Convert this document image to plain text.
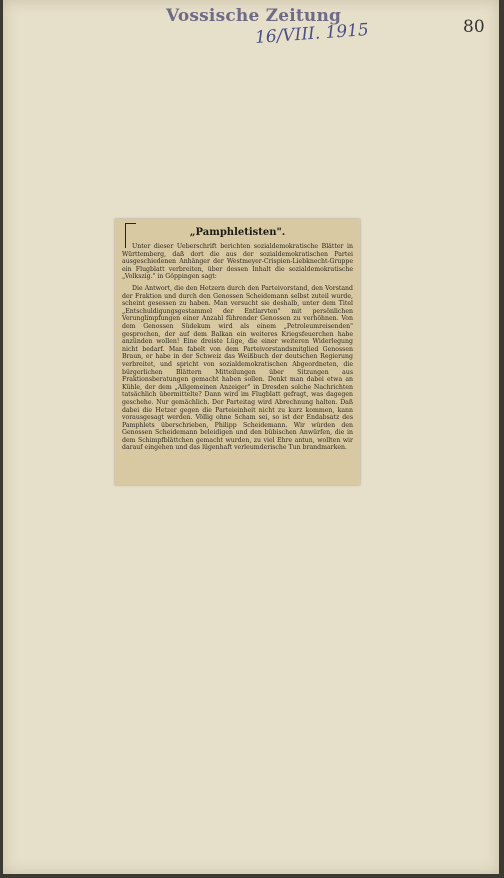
Vossische Zeitung
16/VIII. 1915	80
„Pamphletisten".
Unter dieser Ueberschrift berichten sozialdemokratische Blätter in Württemberg, daß dort die aus der sozialdemokratischen Partei ausgeschiedenen Anhänger der Westmeyer-Crispien-Liebknecht-Gruppe ein Flugblatt verbreiten, über dessen Inhalt die sozialdemokratische „Volkszig." in Göppingen sagt:
Die Antwort, die den Hetzern durch den Parteivorstand, den Vorstand der Fraktion und durch den Genossen Scheidemann selbst zuteil wurde, scheint gesessen zu haben. Man versucht sie deshalb, unter dem Titel „Entschuldigungsgestammel der Entlarvten" mit persönlichen Verunglimpfungen einer Anzahl führender Genossen zu verhöhnen. Von dem Genossen Südekum wird als einem „Petroleumreisenden" gesprochen, der auf dem Balkan ein weiteres Kriegsfeuerchen habe anzünden wollen! Eine dreiste Lüge, die einer weiteren Widerlegung nicht bedarf. Man fabelt von dem Parteivorstandsmitglied Genossen Braun, er habe in der Schweiz das Weißbuch der deutschen Regierung verbreitet, und spricht von sozialdemokratischen Abgeordneten, die bürgerlichen Blättern Mitteilungen über Sitzungen aus Fraktionsberatungen gemacht haben sollen. Denkt man dabei etwa an Kühle, der dem „Allgemeinen Anzeiger" in Dresden solche Nachrichten tatsächlich übermittelte? Dann wird im Flugblatt gefragt, was dagegen geschehe. Nur gemächlich. Der Parteitag wird Abrechnung halten. Daß dabei die Hetzer gegen die Parteieinheit nicht zu kurz kommen, kann vorausgesagt werden. Völlig ohne Scham sei, so ist der Endabsatz des Pamphlets überschrieben, Philipp Scheidemann. Wir würden den Genossen Scheidemann beleidigen und den bübischen Anwürfen, die in dem Schimpfblättchen gemacht wurden, zu viel Ehre antun, wollten wir darauf eingehen und das lügenhaft verleumderische Tun brandmarken.
